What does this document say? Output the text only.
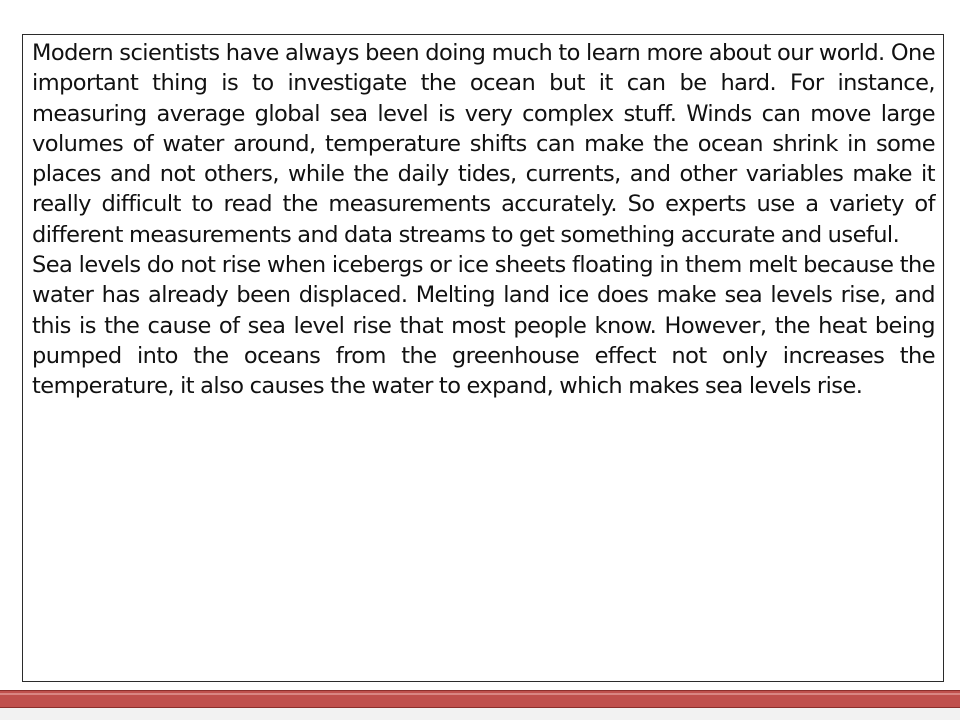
Modern scientists have always been doing much to learn more about our world. One important thing is to investigate the ocean but it can be hard. For instance, measuring average global sea level is very complex stuff. Winds can move large volumes of water around, temperature shifts can make the ocean shrink in some places and not others, while the daily tides, currents, and other variables make it really difficult to read the measurements accurately. So experts use a variety of different measurements and data streams to get something accurate and useful.

Sea levels do not rise when icebergs or ice sheets floating in them melt because the water has already been displaced. Melting land ice does make sea levels rise, and this is the cause of sea level rise that most people know. However, the heat being pumped into the oceans from the greenhouse effect not only increases the temperature, it also causes the water to expand, which makes sea levels rise.
